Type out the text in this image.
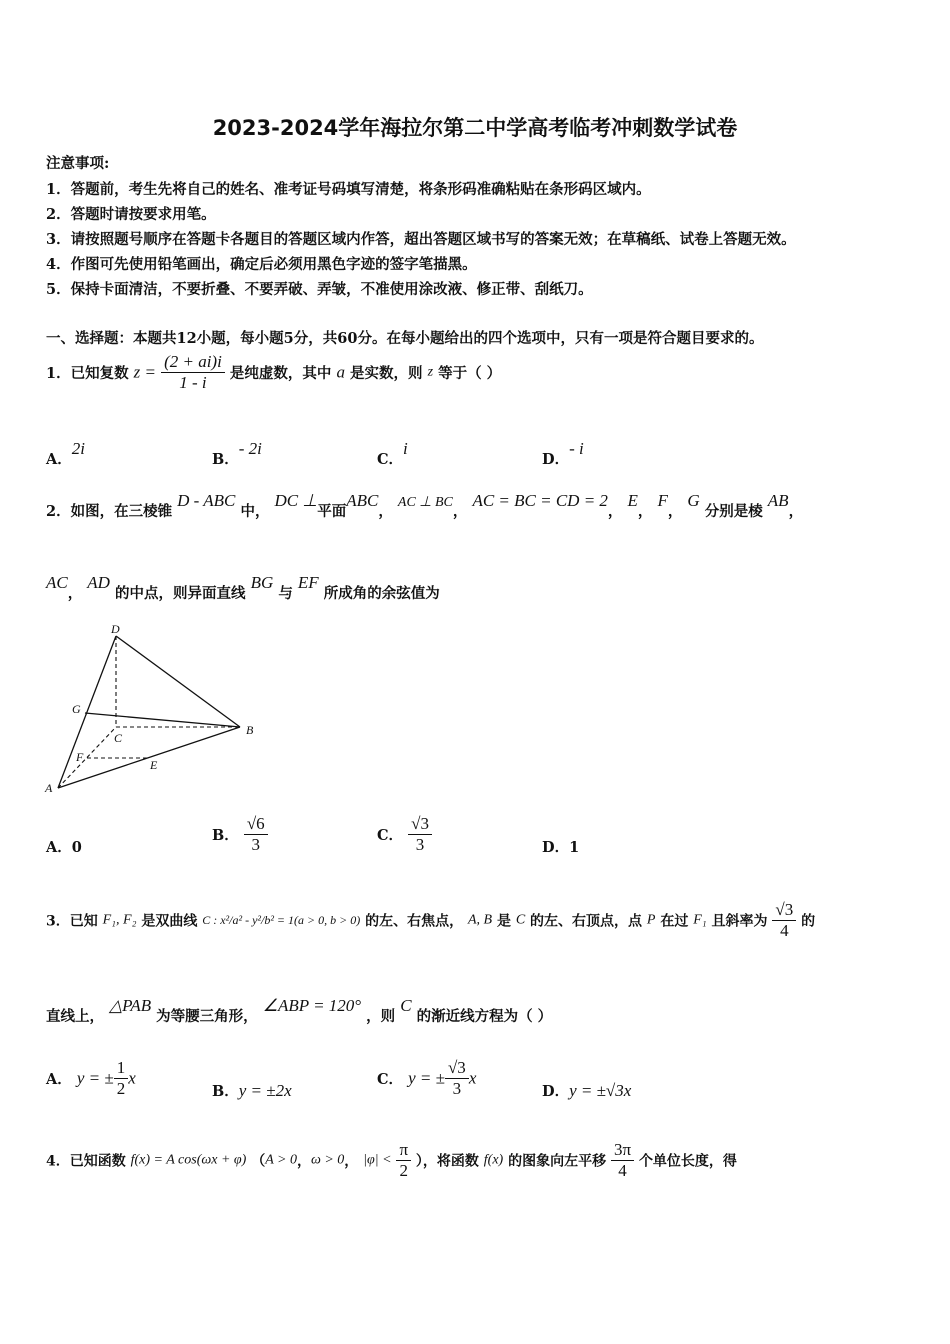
2023-2024学年海拉尔第二中学高考临考冲刺数学试卷
注意事项:
1．答题前，考生先将自己的姓名、准考证号码填写清楚，将条形码准确粘贴在条形码区域内。
2．答题时请按要求用笔。
3．请按照题号顺序在答题卡各题目的答题区域内作答，超出答题区域书写的答案无效；在草稿纸、试卷上答题无效。
4．作图可先使用铅笔画出，确定后必须用黑色字迹的签字笔描黑。
5．保持卡面清洁，不要折叠、不要弄破、弄皱，不准使用涂改液、修正带、刮纸刀。
一、选择题：本题共12小题，每小题5分，共60分。在每小题给出的四个选项中，只有一项是符合题目要求的。
1．已知复数 $z = \frac{(2 + ai)i}{1 - i}$ 是纯虚数，其中 a 是实数，则 z 等于（ ）
A．2i
B．- 2i
C．i
D．- i
2．如图，在三棱锥 D - ABC 中， DC ⊥平面ABC， AC ⊥ BC， AC = BC = CD = 2， E， F， G 分别是棱 AB，
AC， AD 的中点，则异面直线 BG 与 EF 所成角的余弦值为
D
G
C
B
F
E
A
A．0
B． $\frac{√6}{3}$	C． $\frac{√3}{3}$	D．1
3．已知 F₁, F₂ 是双曲线 C : x²/a² - y²/b² = 1(a > 0, b > 0) 的左、右焦点， A, B 是 C 的左、右顶点，点 P 在过 F₁ 且斜率为 $\frac{√3}{4}$ 的
直线上， △PAB 为等腰三角形， ∠ABP = 120° ，则 C 的渐近线方程为（ ）
A． y = ± $\frac{1}{2}$ x
B．y = ±2x
C． y = ± $\frac{√3}{3}$ x
D．y = ±√3x
4．已知函数 f(x) = A cos(ωx + φ) （A > 0，ω > 0， $|\varphi| < \frac{\pi}{2}$ ），将函数 f(x) 的图象向左平移 $\frac{3\pi}{4}$ 个单位长度，得
